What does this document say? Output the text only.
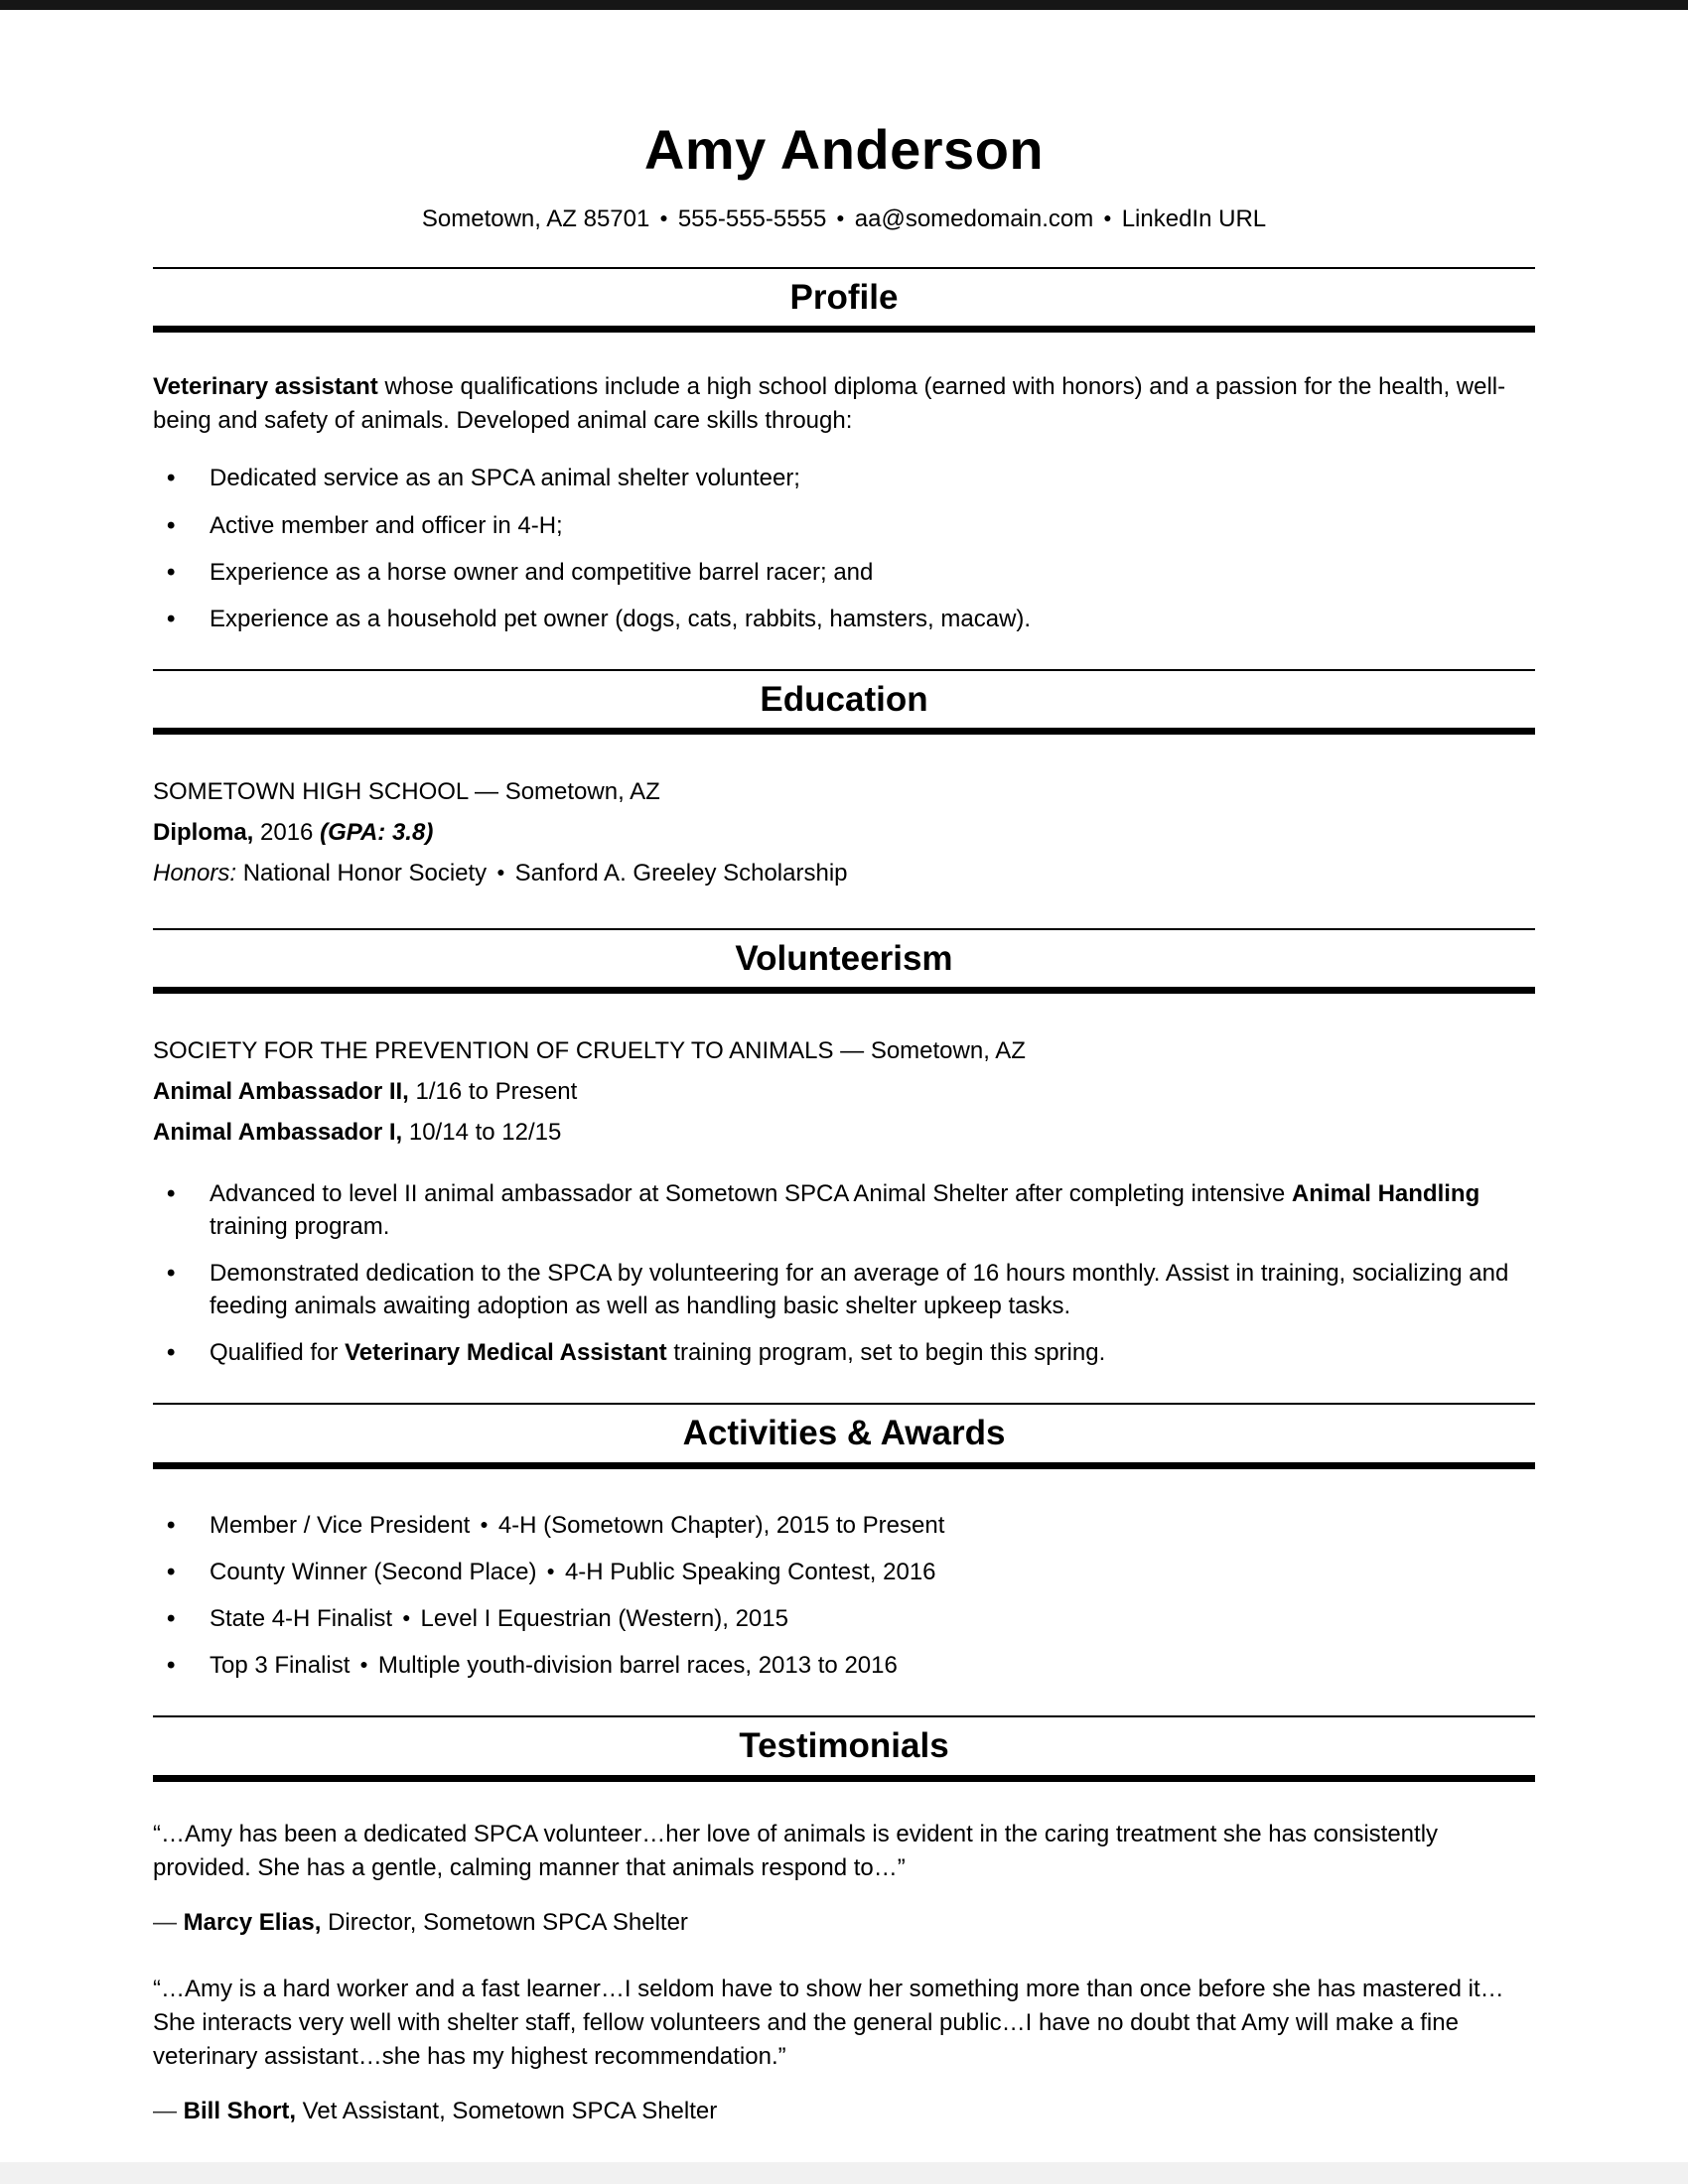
Amy Anderson
Sometown, AZ 85701 ● 555-555-5555 ● aa@somedomain.com ● LinkedIn URL
Profile

Veterinary assistant whose qualifications include a high school diploma (earned with honors) and a passion for the health, well-being and safety of animals. Developed animal care skills through:

• Dedicated service as an SPCA animal shelter volunteer;
• Active member and officer in 4-H;
• Experience as a horse owner and competitive barrel racer; and
• Experience as a household pet owner (dogs, cats, rabbits, hamsters, macaw).
Education

SOMETOWN HIGH SCHOOL — Sometown, AZ

Diploma, 2016 (GPA: 3.8)

Honors: National Honor Society ● Sanford A. Greeley Scholarship

Volunteerism

SOCIETY FOR THE PREVENTION OF CRUELTY TO ANIMALS — Sometown, AZ

Animal Ambassador II, 1/16 to Present

Animal Ambassador I, 10/14 to 12/15

• Advanced to level II animal ambassador at Sometown SPCA Animal Shelter after completing intensive Animal Handling training program.
• Demonstrated dedication to the SPCA by volunteering for an average of 16 hours monthly. Assist in training, socializing and feeding animals awaiting adoption as well as handling basic shelter upkeep tasks.
• Qualified for Veterinary Medical Assistant training program, set to begin this spring.
Activities & Awards
• Member / Vice President ● 4-H (Sometown Chapter), 2015 to Present
• County Winner (Second Place) ● 4-H Public Speaking Contest, 2016
• State 4-H Finalist ● Level I Equestrian (Western), 2015
• Top 3 Finalist ● Multiple youth-division barrel races, 2013 to 2016
Testimonials

“…Amy has been a dedicated SPCA volunteer…her love of animals is evident in the caring treatment she has consistently provided. She has a gentle, calming manner that animals respond to…”

— Marcy Elias, Director, Sometown SPCA Shelter

“…Amy is a hard worker and a fast learner…I seldom have to show her something more than once before she has mastered it…She interacts very well with shelter staff, fellow volunteers and the general public…I have no doubt that Amy will make a fine veterinary assistant…she has my highest recommendation.”

— Bill Short, Vet Assistant, Sometown SPCA Shelter
